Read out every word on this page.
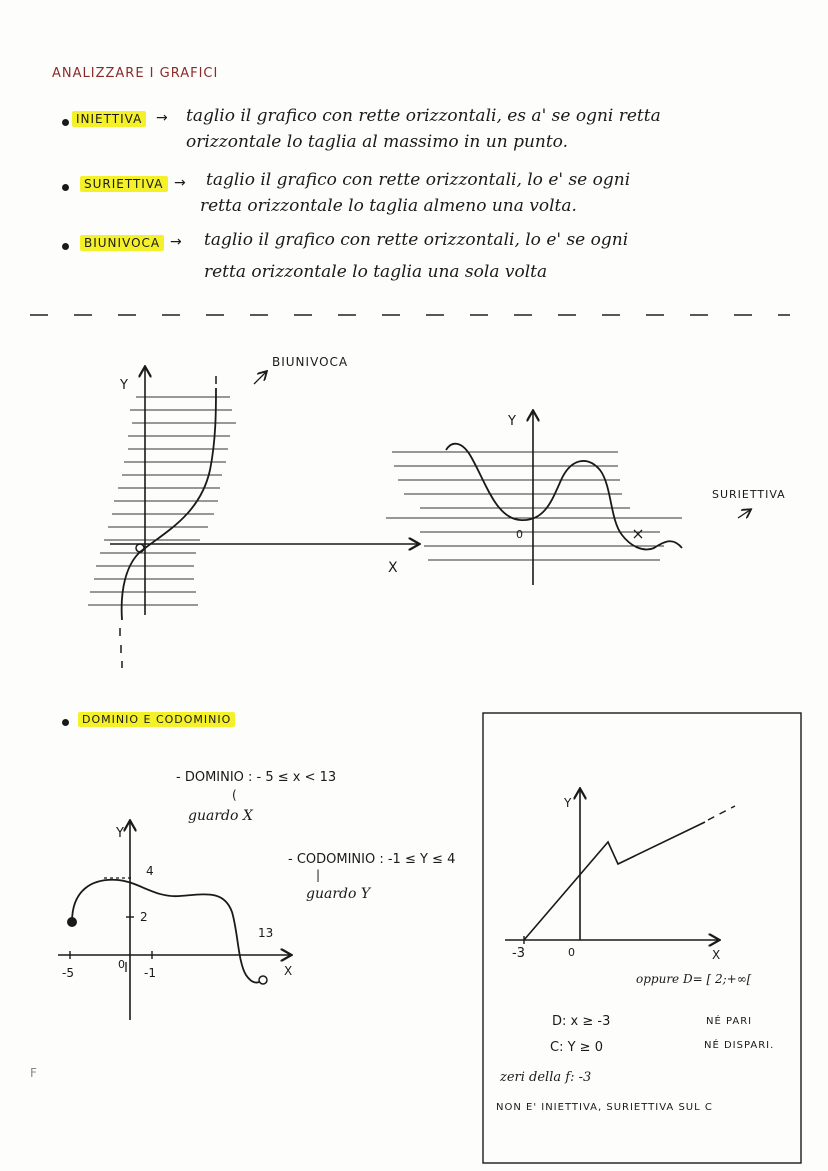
ANALIZZARE I GRAFICI
INIETTIVA → taglio il grafico con rette orizzontali, es a' se ogni retta
orizzontale lo taglia al massimo in un punto.
SURIETTIVA → taglio il grafico con rette orizzontali, lo e' se ogni
retta orizzontale lo taglia almeno una volta.
BIUNIVOCA → taglio il grafico con rette orizzontali, lo e' se ogni
retta orizzontale lo taglia una sola volta
BIUNIVOCA
Y
X
SURIETTIVA
Y
0
DOMINIO E CODOMINIO
- DOMINIO : - 5 ≤ x < 13
(
guardo X
- CODOMINIO : -1 ≤ Y ≤ 4
|
guardo Y
Y
X
0
4
2
13
-5	-1
Y
X
0
-3
oppure D= [ 2;+∞[
D: x ≥ -3
C: Y ≥ 0
NÉ PARI
NÉ DISPARI.
zeri della f: -3
NON E' INIETTIVA, SURIETTIVA SUL C
F
